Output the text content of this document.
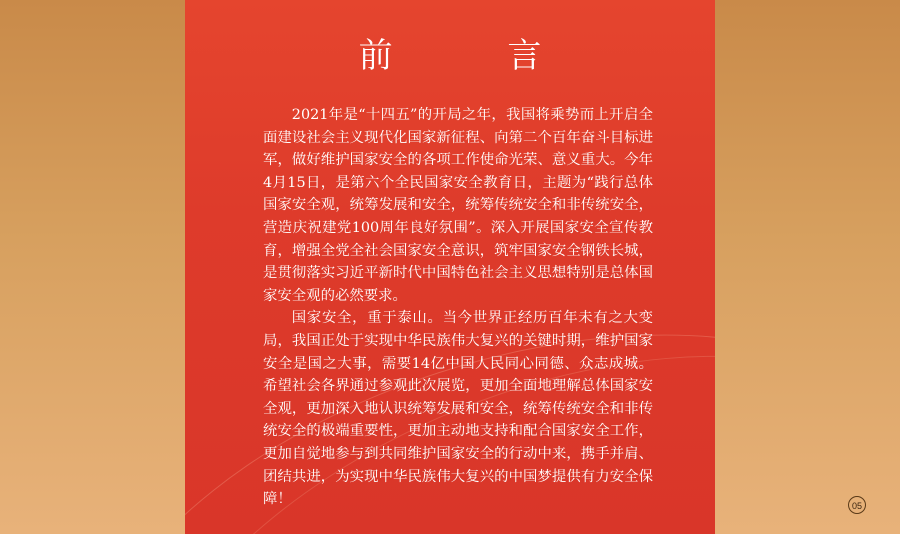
前 言

2021年是“十四五”的开局之年，我国将乘势而上开启全面建设社会主义现代化国家新征程、向第二个百年奋斗目标进军，做好维护国家安全的各项工作使命光荣、意义重大。今年4月15日，是第六个全民国家安全教育日，主题为“践行总体国家安全观，统筹发展和安全，统筹传统安全和非传统安全，营造庆祝建党100周年良好氛围”。深入开展国家安全宣传教育，增强全党全社会国家安全意识，筑牢国家安全钢铁长城，是贯彻落实习近平新时代中国特色社会主义思想特别是总体国家安全观的必然要求。

国家安全，重于泰山。当今世界正经历百年未有之大变局，我国正处于实现中华民族伟大复兴的关键时期，维护国家安全是国之大事，需要14亿中国人民同心同德、众志成城。希望社会各界通过参观此次展览，更加全面地理解总体国家安全观，更加深入地认识统筹发展和安全，统筹传统安全和非传统安全的极端重要性，更加主动地支持和配合国家安全工作，更加自觉地参与到共同维护国家安全的行动中来，携手并肩、团结共进，为实现中华民族伟大复兴的中国梦提供有力安全保障！	05
